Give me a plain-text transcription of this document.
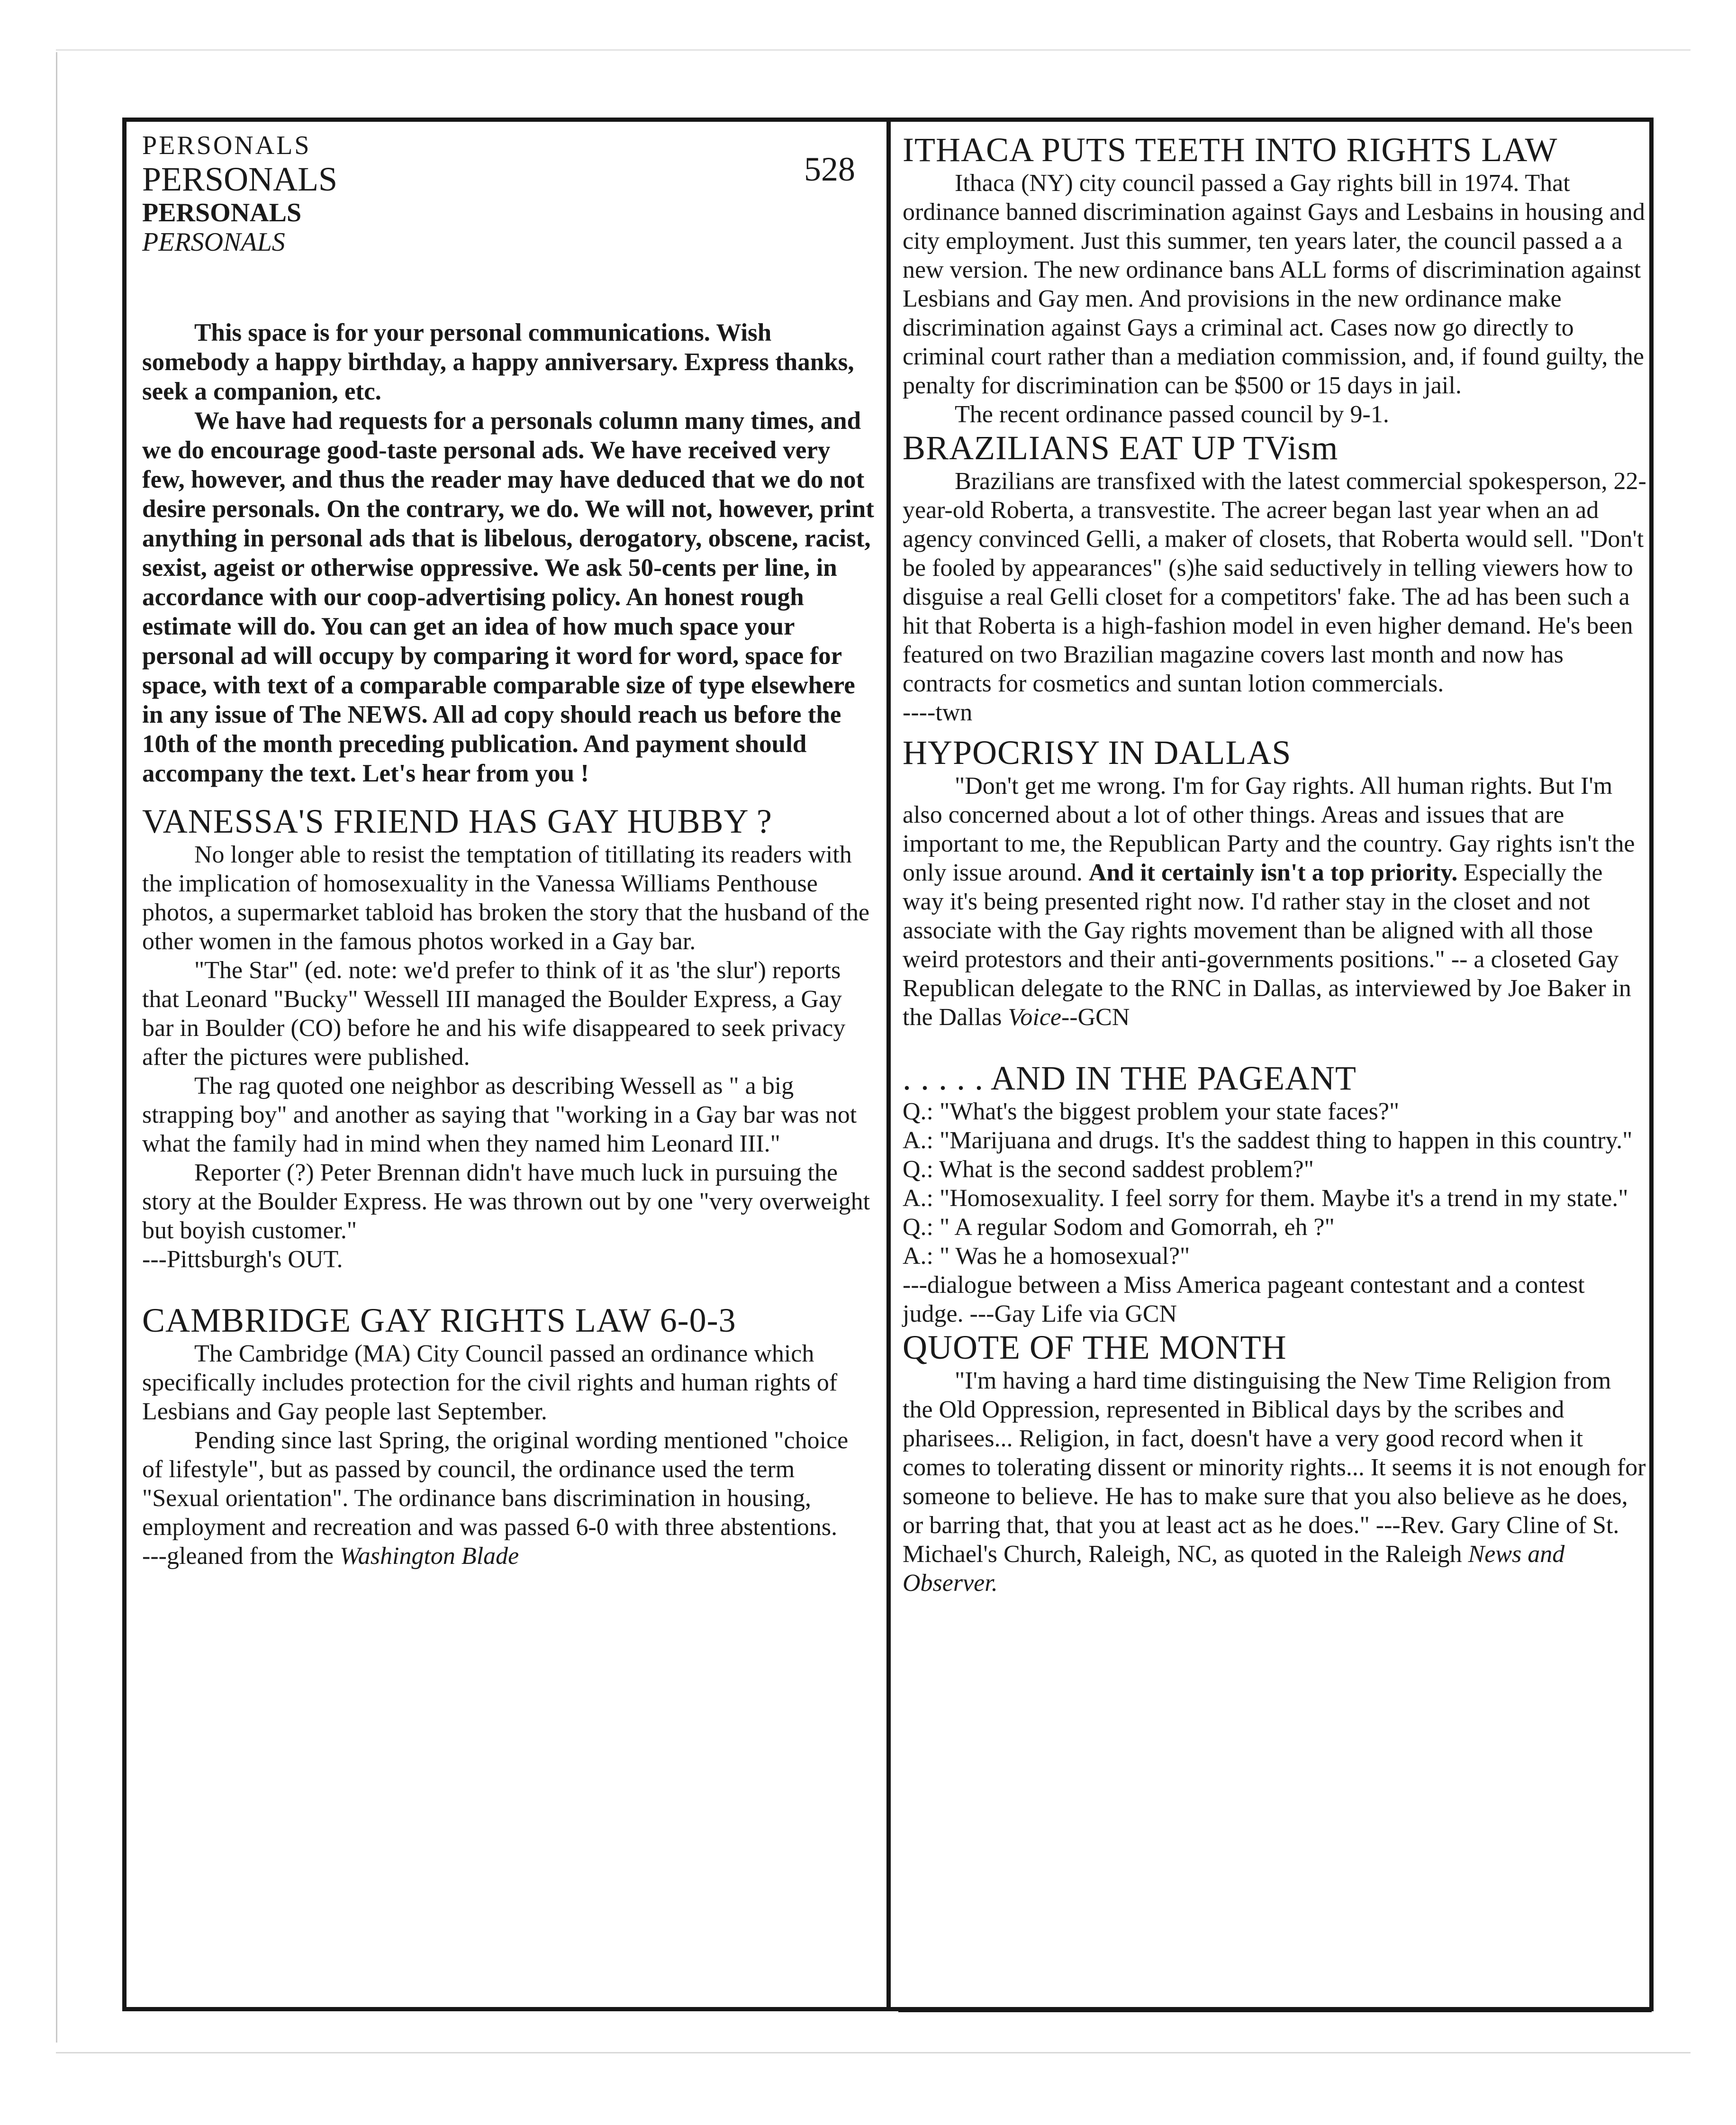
PERSONALS

PERSONALS

PERSONALS

PERSONALS

528

This space is for your personal communications. Wish somebody a happy birthday, a happy anniversary. Express thanks, seek a companion, etc.

We have had requests for a personals column many times, and we do encourage good-taste personal ads. We have received very few, however, and thus the reader may have deduced that we do not desire personals. On the contrary, we do. We will not, however, print anything in personal ads that is libelous, derogatory, obscene, racist, sexist, ageist or otherwise oppressive. We ask 50-cents per line, in accordance with our coop-advertising policy. An honest rough estimate will do. You can get an idea of how much space your personal ad will occupy by comparing it word for word, space for space, with text of a comparable comparable size of type elsewhere in any issue of The NEWS. All ad copy should reach us before the 10th of the month preceding publication. And payment should accompany the text. Let's hear from you !

VANESSA'S FRIEND HAS GAY HUBBY ?

No longer able to resist the temptation of titillating its readers with the implication of homosexuality in the Vanessa Williams Penthouse photos, a supermarket tabloid has broken the story that the husband of the other women in the famous photos worked in a Gay bar.

"The Star" (ed. note: we'd prefer to think of it as 'the slur') reports that Leonard "Bucky" Wessell III managed the Boulder Express, a Gay bar in Boulder (CO) before he and his wife disappeared to seek privacy after the pictures were published.

The rag quoted one neighbor as describing Wessell as " a big strapping boy" and another as saying that "working in a Gay bar was not what the family had in mind when they named him Leonard III."

Reporter (?) Peter Brennan didn't have much luck in pursuing the story at the Boulder Express. He was thrown out by one "very overweight but boyish customer."

---Pittsburgh's OUT.

CAMBRIDGE GAY RIGHTS LAW 6-0-3

The Cambridge (MA) City Council passed an ordinance which specifically includes protection for the civil rights and human rights of Lesbians and Gay people last September.

Pending since last Spring, the original wording mentioned "choice of lifestyle", but as passed by council, the ordinance used the term "Sexual orientation". The ordinance bans discrimination in housing, employment and recreation and was passed 6-0 with three abstentions.

---gleaned from the Washington Blade

ITHACA PUTS TEETH INTO RIGHTS LAW

Ithaca (NY) city council passed a Gay rights bill in 1974. That ordinance banned discrimination against Gays and Lesbains in housing and city employment. Just this summer, ten years later, the council passed a a new version. The new ordinance bans ALL forms of discrimination against Lesbians and Gay men. And provisions in the new ordinance make discrimination against Gays a criminal act. Cases now go directly to criminal court rather than a mediation commission, and, if found guilty, the penalty for discrimination can be $500 or 15 days in jail.

The recent ordinance passed council by 9-1.

BRAZILIANS EAT UP TVism

Brazilians are transfixed with the latest commercial spokesperson, 22-year-old Roberta, a transvestite. The acreer began last year when an ad agency convinced Gelli, a maker of closets, that Roberta would sell. "Don't be fooled by appearances" (s)he said seductively in telling viewers how to disguise a real Gelli closet for a competitors' fake. The ad has been such a hit that Roberta is a high-fashion model in even higher demand. He's been featured on two Brazilian magazine covers last month and now has contracts for cosmetics and suntan lotion commercials.

----twn

HYPOCRISY IN DALLAS

"Don't get me wrong. I'm for Gay rights. All human rights. But I'm also concerned about a lot of other things. Areas and issues that are important to me, the Republican Party and the country. Gay rights isn't the only issue around. And it certainly isn't a top priority. Especially the way it's being presented right now. I'd rather stay in the closet and not associate with the Gay rights movement than be aligned with all those weird protestors and their anti-governments positions." -- a closeted Gay Republican delegate to the RNC in Dallas, as interviewed by Joe Baker in the Dallas Voice--GCN

. . . . . AND IN THE PAGEANT

Q.: "What's the biggest problem your state faces?"

A.: "Marijuana and drugs. It's the saddest thing to happen in this country."

Q.: What is the second saddest problem?"

A.: "Homosexuality. I feel sorry for them. Maybe it's a trend in my state."

Q.: " A regular Sodom and Gomorrah, eh ?"

A.: " Was he a homosexual?"

---dialogue between a Miss America pageant contestant and a contest judge. ---Gay Life via GCN

QUOTE OF THE MONTH

"I'm having a hard time distinguising the New Time Religion from the Old Oppression, represented in Biblical days by the scribes and pharisees... Religion, in fact, doesn't have a very good record when it comes to tolerating dissent or minority rights... It seems it is not enough for someone to believe. He has to make sure that you also believe as he does, or barring that, that you at least act as he does." ---Rev. Gary Cline of St. Michael's Church, Raleigh, NC, as quoted in the Raleigh News and Observer.
